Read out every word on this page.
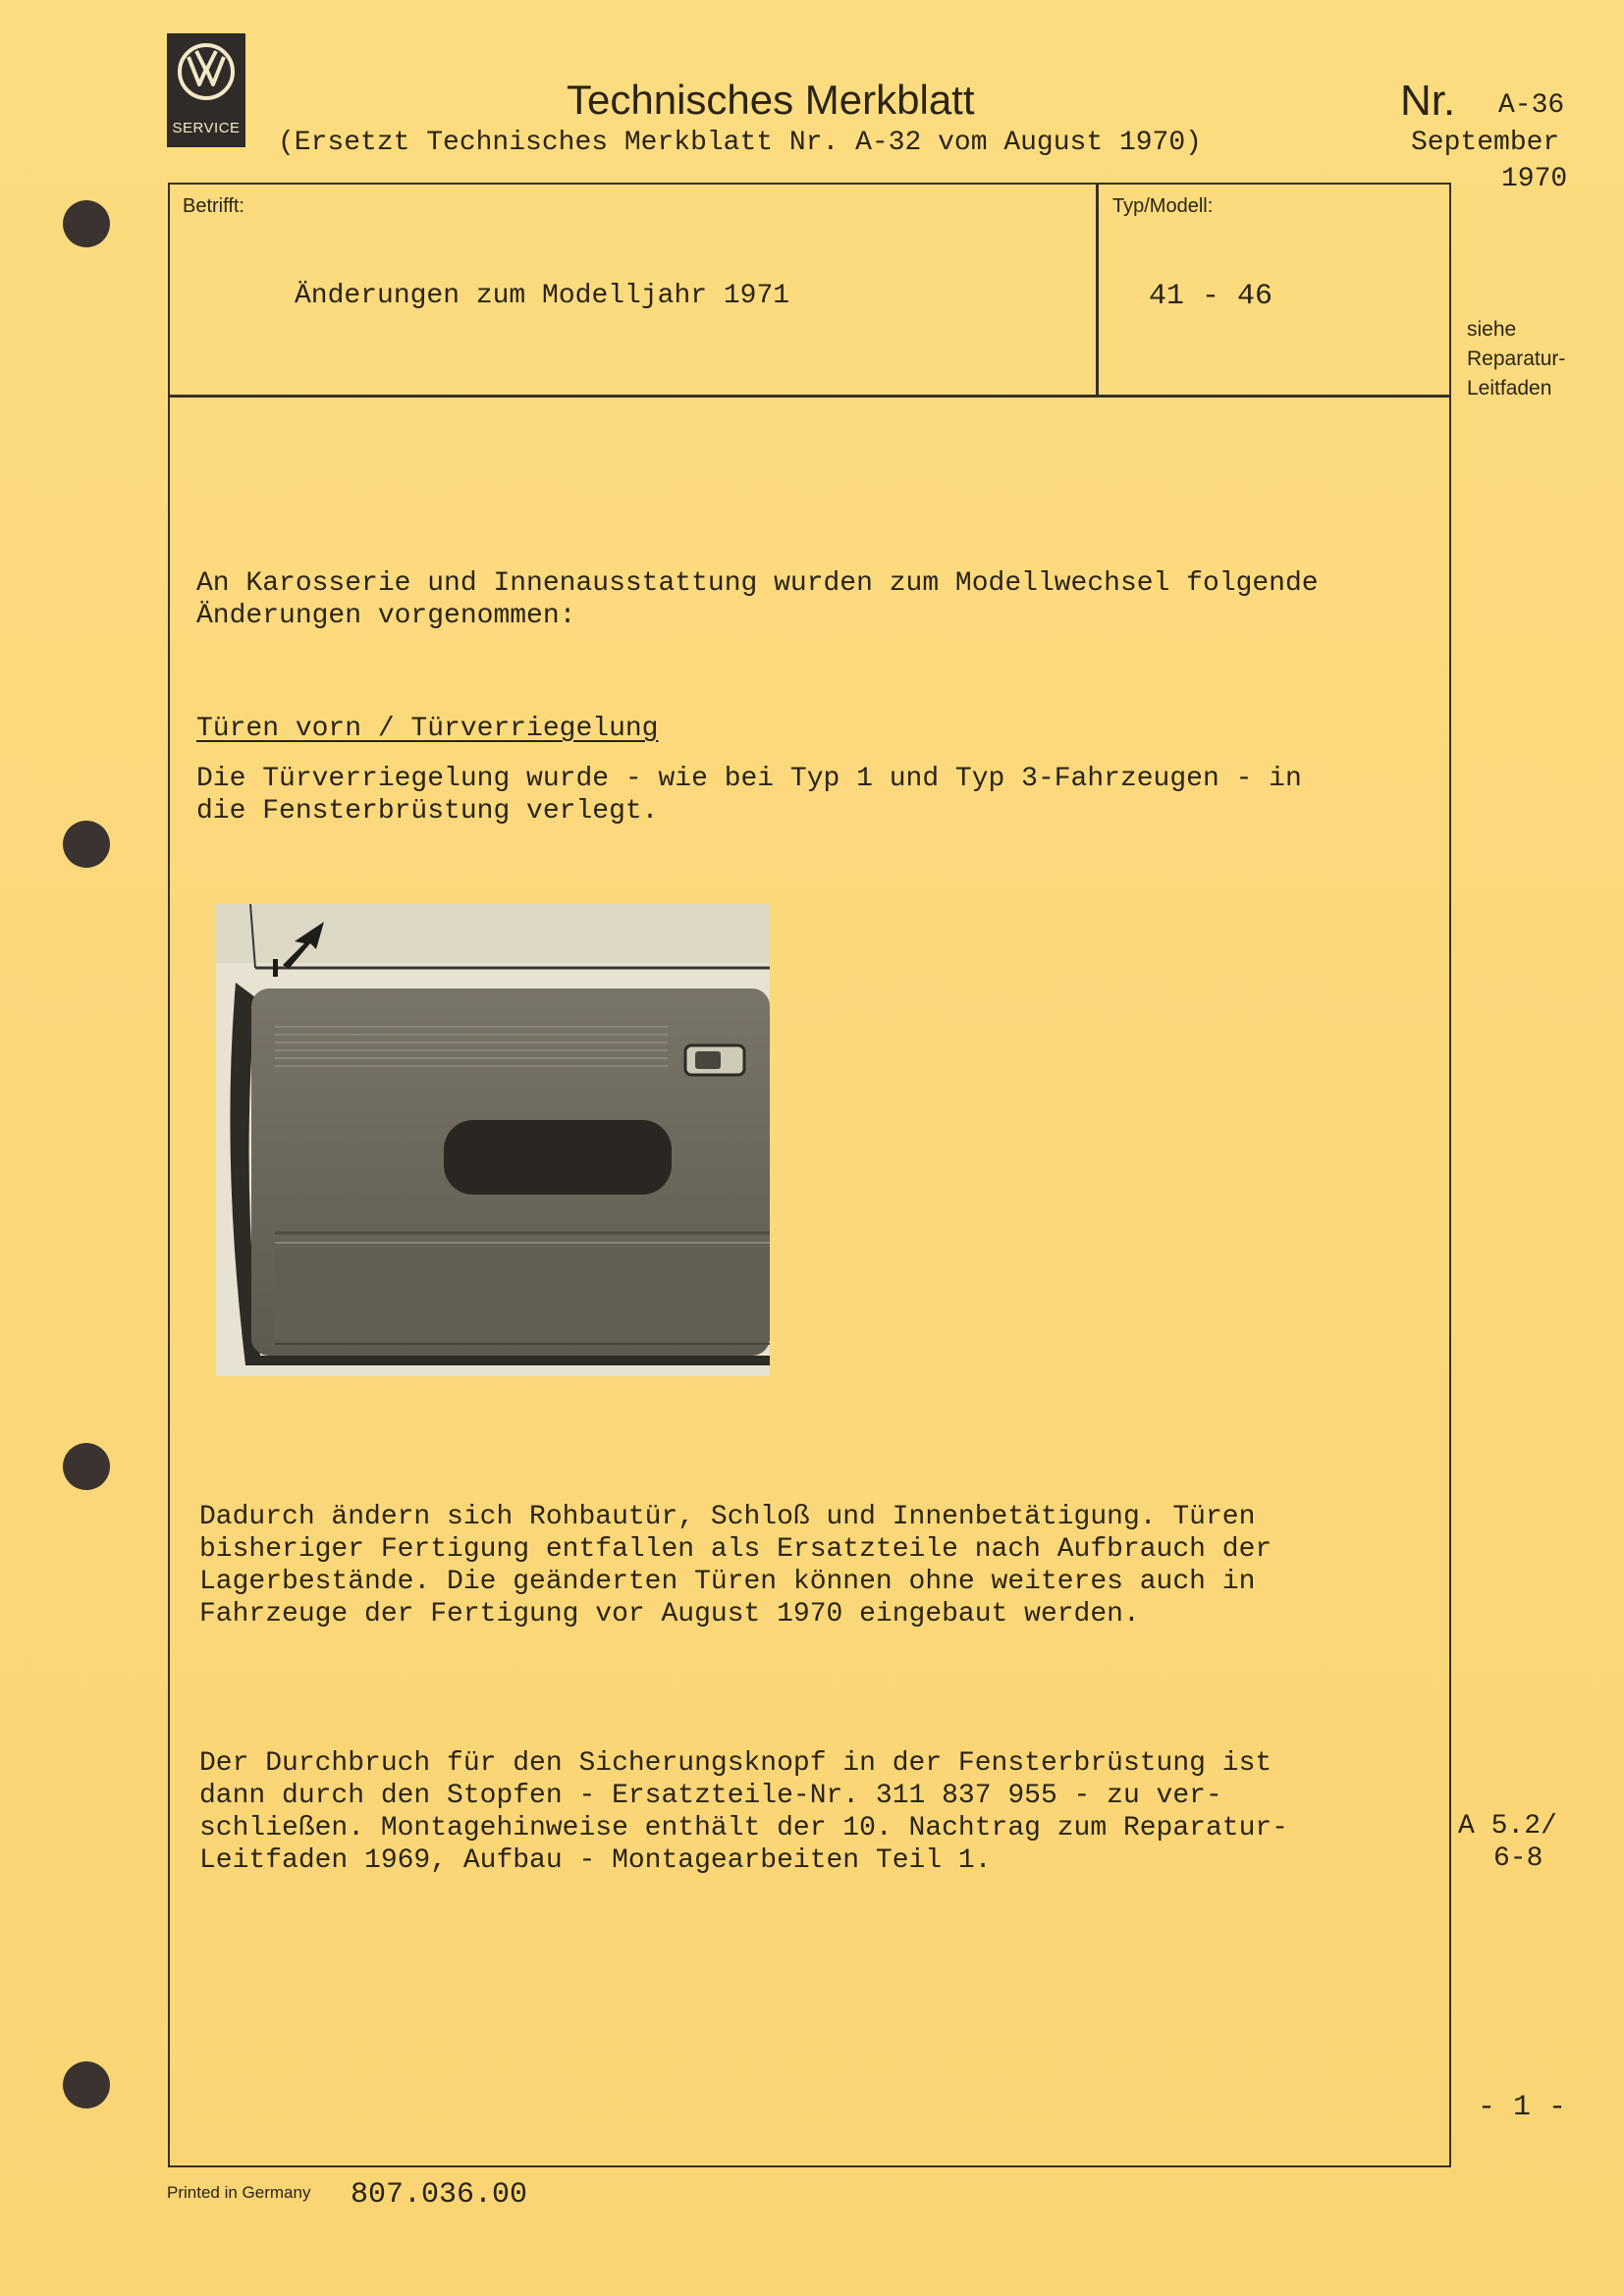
SERVICE
Technisches Merkblatt
(Ersetzt Technisches Merkblatt Nr. A-32 vom August 1970)
Nr. A-36
September
1970
Betrifft:
Änderungen zum Modelljahr 1971
Typ/Modell:
41 - 46
siehe
Reparatur-
Leitfaden
An Karosserie und Innenausstattung wurden zum Modellwechsel folgende
Änderungen vorgenommen:
Türen vorn / Türverriegelung
Die Türverriegelung wurde - wie bei Typ 1 und Typ 3-Fahrzeugen - in
die Fensterbrüstung verlegt.
Dadurch ändern sich Rohbautür, Schloß und Innenbetätigung. Türen
bisheriger Fertigung entfallen als Ersatzteile nach Aufbrauch der
Lagerbestände. Die geänderten Türen können ohne weiteres auch in
Fahrzeuge der Fertigung vor August 1970 eingebaut werden.
Der Durchbruch für den Sicherungsknopf in der Fensterbrüstung ist
dann durch den Stopfen - Ersatzteile-Nr. 311 837 955 - zu ver-
schließen. Montagehinweise enthält der 10. Nachtrag zum Reparatur-
Leitfaden 1969, Aufbau - Montagearbeiten Teil 1.
A 5.2/
6-8
- 1 -
Printed in Germany 807.036.00
